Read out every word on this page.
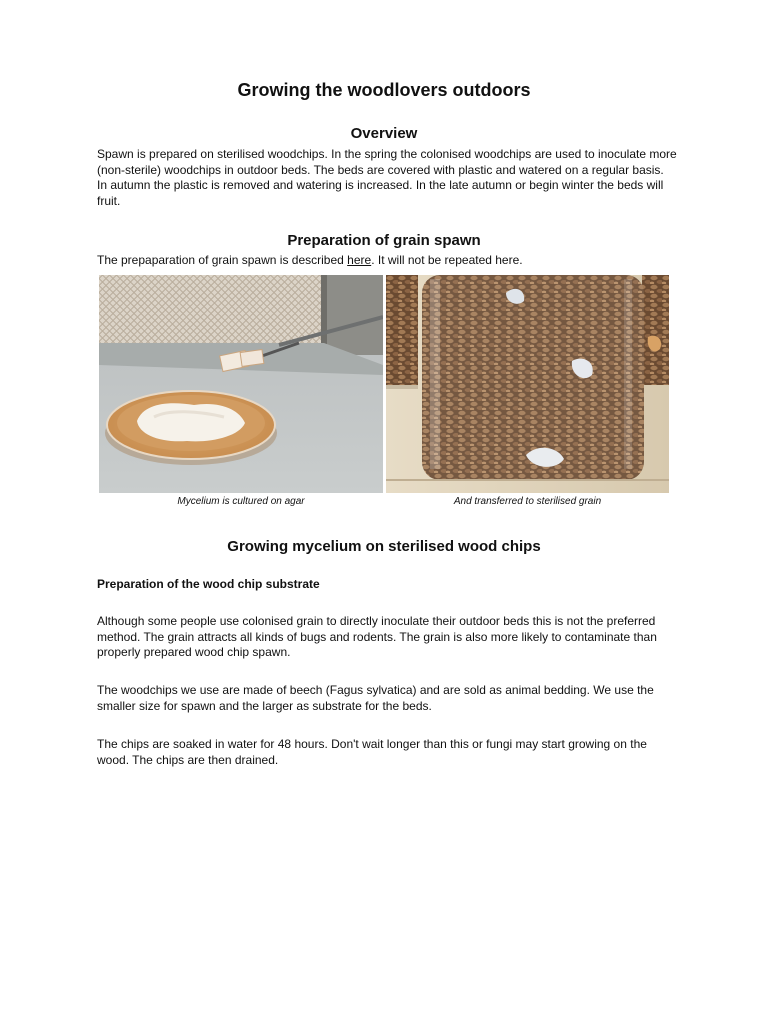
Growing the woodlovers outdoors
Overview

Spawn is prepared on sterilised woodchips. In the spring the colonised woodchips are used to inoculate more (non-sterile) woodchips in outdoor beds. The beds are covered with plastic and watered on a regular basis. In autumn the plastic is removed and watering is increased. In the late autumn or begin winter the beds will fruit.

Preparation of grain spawn

The prepaparation of grain spawn is described here. It will not be repeated here.

Mycelium is cultured on agar	And transferred to sterilised grain
Growing mycelium on sterilised wood chips
Preparation of the wood chip substrate

Although some people use colonised grain to directly inoculate their outdoor beds this is not the preferred method. The grain attracts all kinds of bugs and rodents. The grain is also more likely to contaminate than properly prepared wood chip spawn.

The woodchips we use are made of beech (Fagus sylvatica) and are sold as animal bedding. We use the smaller size for spawn and the larger as substrate for the beds.

The chips are soaked in water for 48 hours. Don't wait longer than this or fungi may start growing on the wood. The chips are then drained.
